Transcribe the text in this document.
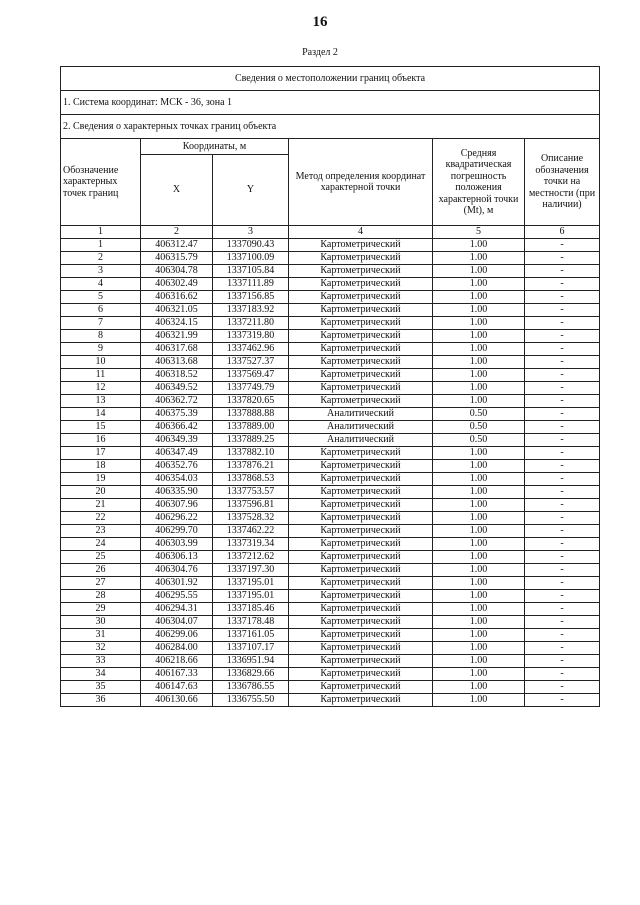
16
Раздел 2
Сведения о местоположении границ объекта					
1. Система координат: МСК - 36, зона 1					
2. Сведения о характерных точках границ объекта					
Обозначение характерных точек границ	Координаты, м		Метод определения координат характерной точки	Средняя квадратическая погрешность положения характерной точки (Mt), м	Описание обозначения точки на местности (при наличии)
	X	Y			
1	2	3	4	5	6
1	406312.47	1337090.43	Картометрический	1.00	-
2	406315.79	1337100.09	Картометрический	1.00	-
3	406304.78	1337105.84	Картометрический	1.00	-
4	406302.49	1337111.89	Картометрический	1.00	-
5	406316.62	1337156.85	Картометрический	1.00	-
6	406321.05	1337183.92	Картометрический	1.00	-
7	406324.15	1337211.80	Картометрический	1.00	-
8	406321.99	1337319.80	Картометрический	1.00	-
9	406317.68	1337462.96	Картометрический	1.00	-
10	406313.68	1337527.37	Картометрический	1.00	-
11	406318.52	1337569.47	Картометрический	1.00	-
12	406349.52	1337749.79	Картометрический	1.00	-
13	406362.72	1337820.65	Картометрический	1.00	-
14	406375.39	1337888.88	Аналитический	0.50	-
15	406366.42	1337889.00	Аналитический	0.50	-
16	406349.39	1337889.25	Аналитический	0.50	-
17	406347.49	1337882.10	Картометрический	1.00	-
18	406352.76	1337876.21	Картометрический	1.00	-
19	406354.03	1337868.53	Картометрический	1.00	-
20	406335.90	1337753.57	Картометрический	1.00	-
21	406307.96	1337596.81	Картометрический	1.00	-
22	406296.22	1337528.32	Картометрический	1.00	-
23	406299.70	1337462.22	Картометрический	1.00	-
24	406303.99	1337319.34	Картометрический	1.00	-
25	406306.13	1337212.62	Картометрический	1.00	-
26	406304.76	1337197.30	Картометрический	1.00	-
27	406301.92	1337195.01	Картометрический	1.00	-
28	406295.55	1337195.01	Картометрический	1.00	-
29	406294.31	1337185.46	Картометрический	1.00	-
30	406304.07	1337178.48	Картометрический	1.00	-
31	406299.06	1337161.05	Картометрический	1.00	-
32	406284.00	1337107.17	Картометрический	1.00	-
33	406218.66	1336951.94	Картометрический	1.00	-
34	406167.33	1336829.66	Картометрический	1.00	-
35	406147.63	1336786.55	Картометрический	1.00	-
36	406130.66	1336755.50	Картометрический	1.00	-
